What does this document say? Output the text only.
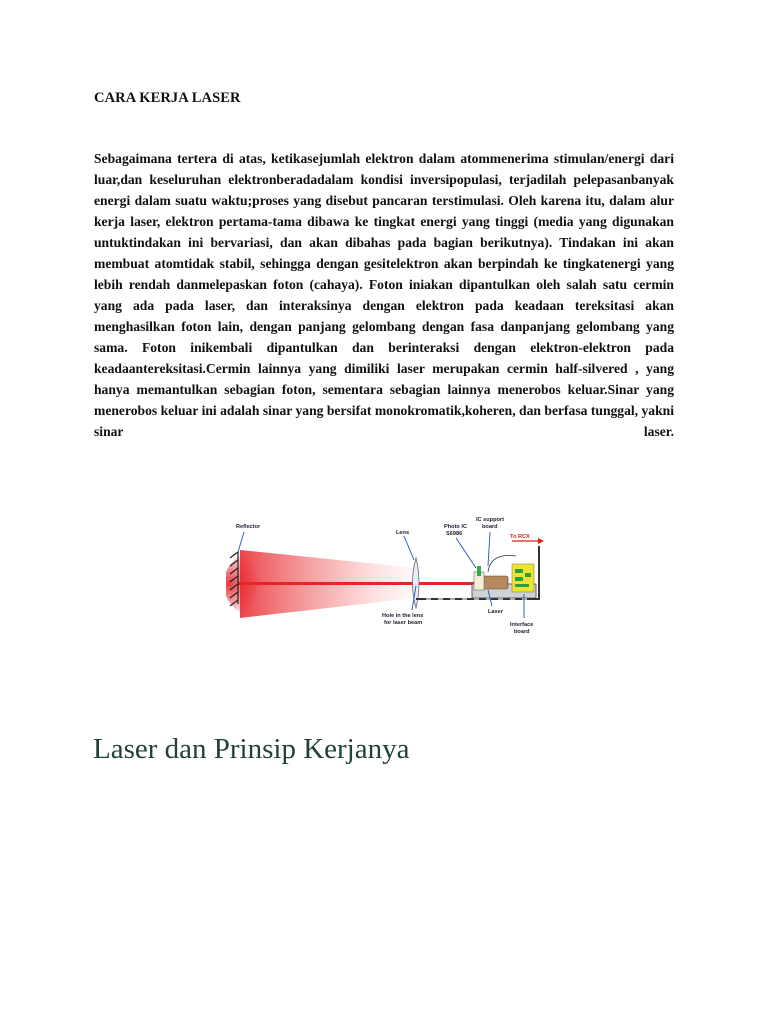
CARA KERJA LASER
Sebagaimana tertera di atas, ketikasejumlah elektron dalam atommenerima stimulan/energi dari luar,dan keseluruhan elektronberadadalam kondisi inversipopulasi, terjadilah pelepasanbanyak energi dalam suatu waktu;proses yang disebut pancaran terstimulasi. Oleh karena itu, dalam alur kerja laser, elektron pertama-tama dibawa ke tingkat energi yang tinggi (media yang digunakan untuktindakan ini bervariasi, dan akan dibahas pada bagian berikutnya). Tindakan ini akan membuat atomtidak stabil, sehingga dengan gesitelektron akan berpindah ke tingkatenergi yang lebih rendah danmelepaskan foton (cahaya). Foton iniakan dipantulkan oleh salah satu cermin yang ada pada laser, dan interaksinya dengan elektron pada keadaan tereksitasi akan menghasilkan foton lain, dengan panjang gelombang dengan fasa danpanjang gelombang yang sama. Foton inikembali dipantulkan dan berinteraksi dengan elektron-elektron pada keadaantereksitasi.Cermin lainnya yang dimiliki laser merupakan cermin half-silvered , yang hanya memantulkan sebagian foton, sementara sebagian lainnya menerobos keluar.Sinar yang menerobos keluar ini adalah sinar yang bersifat monokromatik,koheren, dan berfasa tunggal, yakni sinar laser.
To RCX
Reflector
Lens
Photo IC
S6986
IC support
board
Hole in the lens
for laser beam
Laser
Interface
board
Laser dan Prinsip Kerjanya
